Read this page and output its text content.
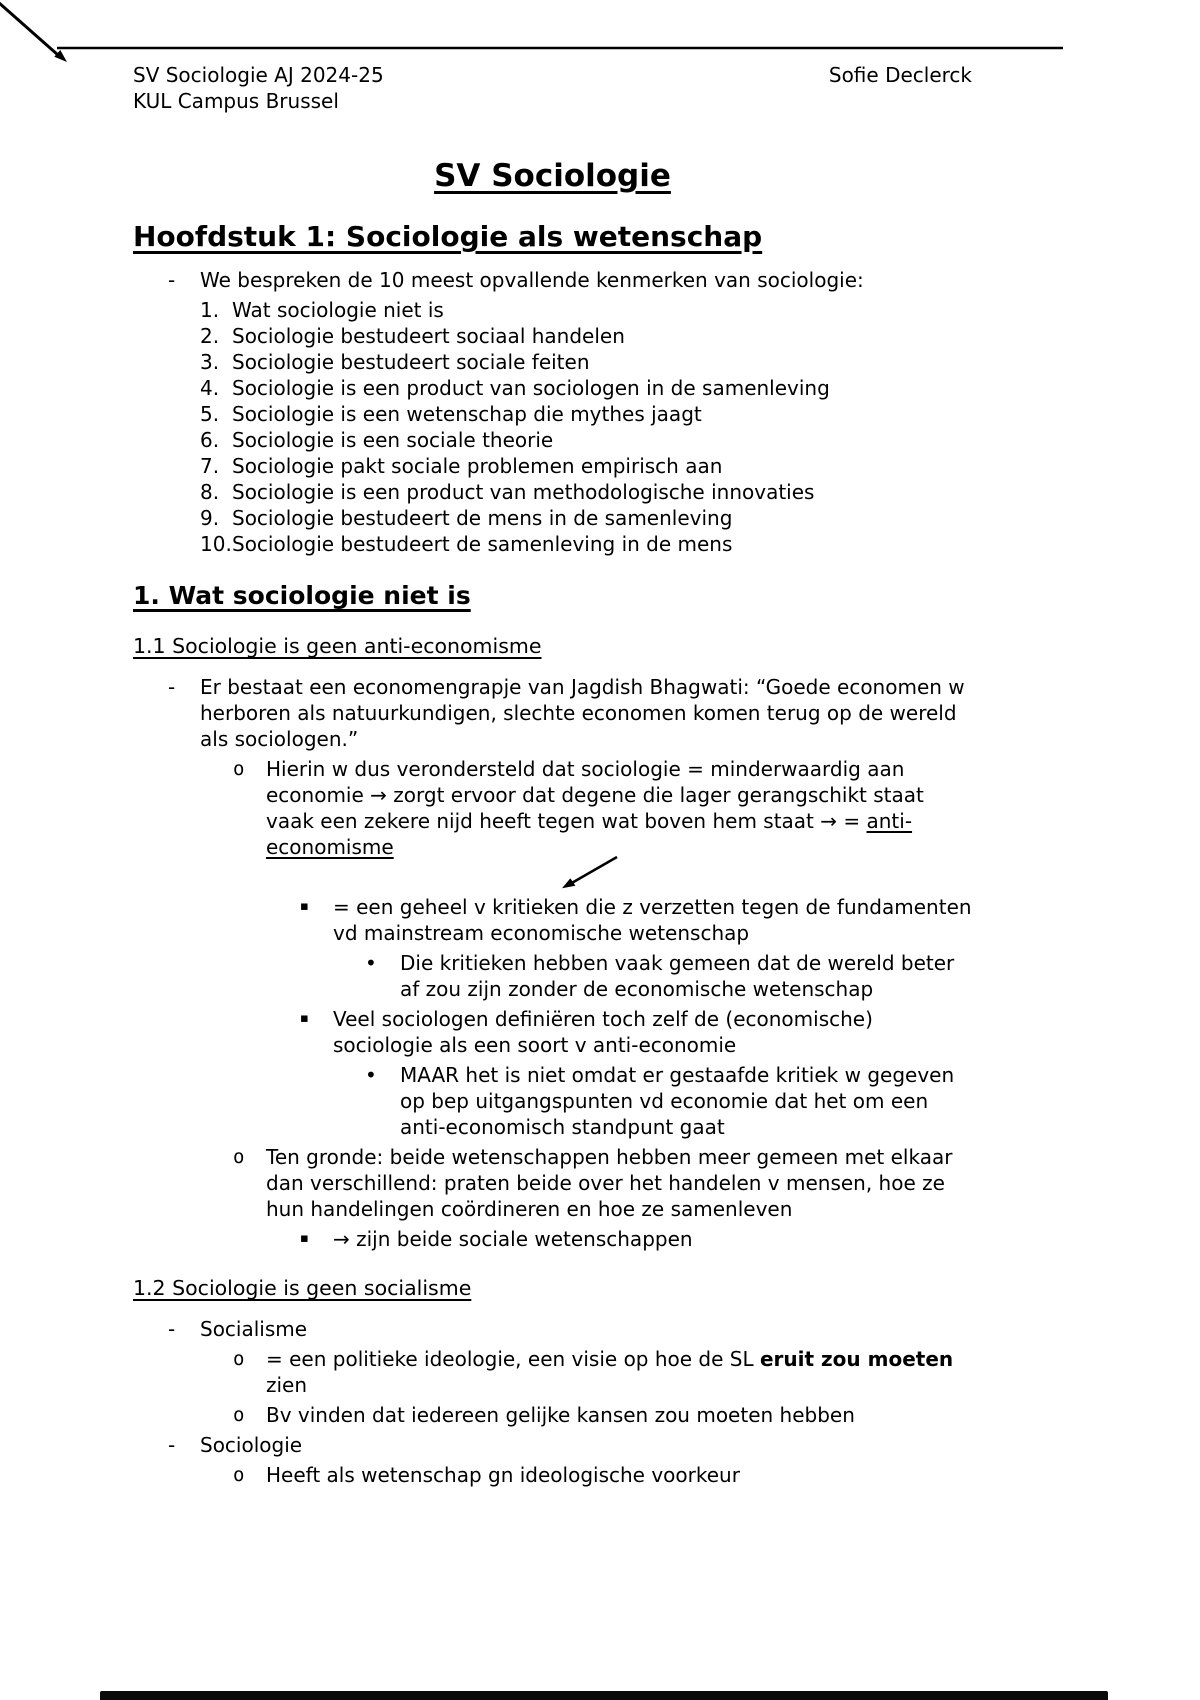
SV Sociologie AJ 2024-25
KUL Campus Brussel
Sofie Declerck
SV Sociologie
Hoofdstuk 1: Sociologie als wetenschap
-	We bespreken de 10 meest opvallende kenmerken van sociologie:
1. Wat sociologie niet is
2. Sociologie bestudeert sociaal handelen
3. Sociologie bestudeert sociale feiten
4. Sociologie is een product van sociologen in de samenleving
5. Sociologie is een wetenschap die mythes jaagt
6. Sociologie is een sociale theorie
7. Sociologie pakt sociale problemen empirisch aan
8. Sociologie is een product van methodologische innovaties
9. Sociologie bestudeert de mens in de samenleving
10. Sociologie bestudeert de samenleving in de mens
1. Wat sociologie niet is
1.1 Sociologie is geen anti-economisme
-	Er bestaat een economengrapje van Jagdish Bhagwati: “Goede economen w herboren als natuurkundigen, slechte economen komen terug op de wereld als sociologen.”
o	Hierin w dus verondersteld dat sociologie = minderwaardig aan economie → zorgt ervoor dat degene die lager gerangschikt staat vaak een zekere nijd heeft tegen wat boven hem staat → = anti-economisme
▪	= een geheel v kritieken die z verzetten tegen de fundamenten vd mainstream economische wetenschap
•	Die kritieken hebben vaak gemeen dat de wereld beter af zou zijn zonder de economische wetenschap
▪	Veel sociologen definiëren toch zelf de (economische) sociologie als een soort v anti-economie
•	MAAR het is niet omdat er gestaafde kritiek w gegeven op bep uitgangspunten vd economie dat het om een anti-economisch standpunt gaat
o	Ten gronde: beide wetenschappen hebben meer gemeen met elkaar dan verschillend: praten beide over het handelen v mensen, hoe ze hun handelingen coördineren en hoe ze samenleven
▪	→ zijn beide sociale wetenschappen
1.2 Sociologie is geen socialisme
-	Socialisme
o	= een politieke ideologie, een visie op hoe de SL eruit zou moeten zien
o	Bv vinden dat iedereen gelijke kansen zou moeten hebben
-	Sociologie
o	Heeft als wetenschap gn ideologische voorkeur
